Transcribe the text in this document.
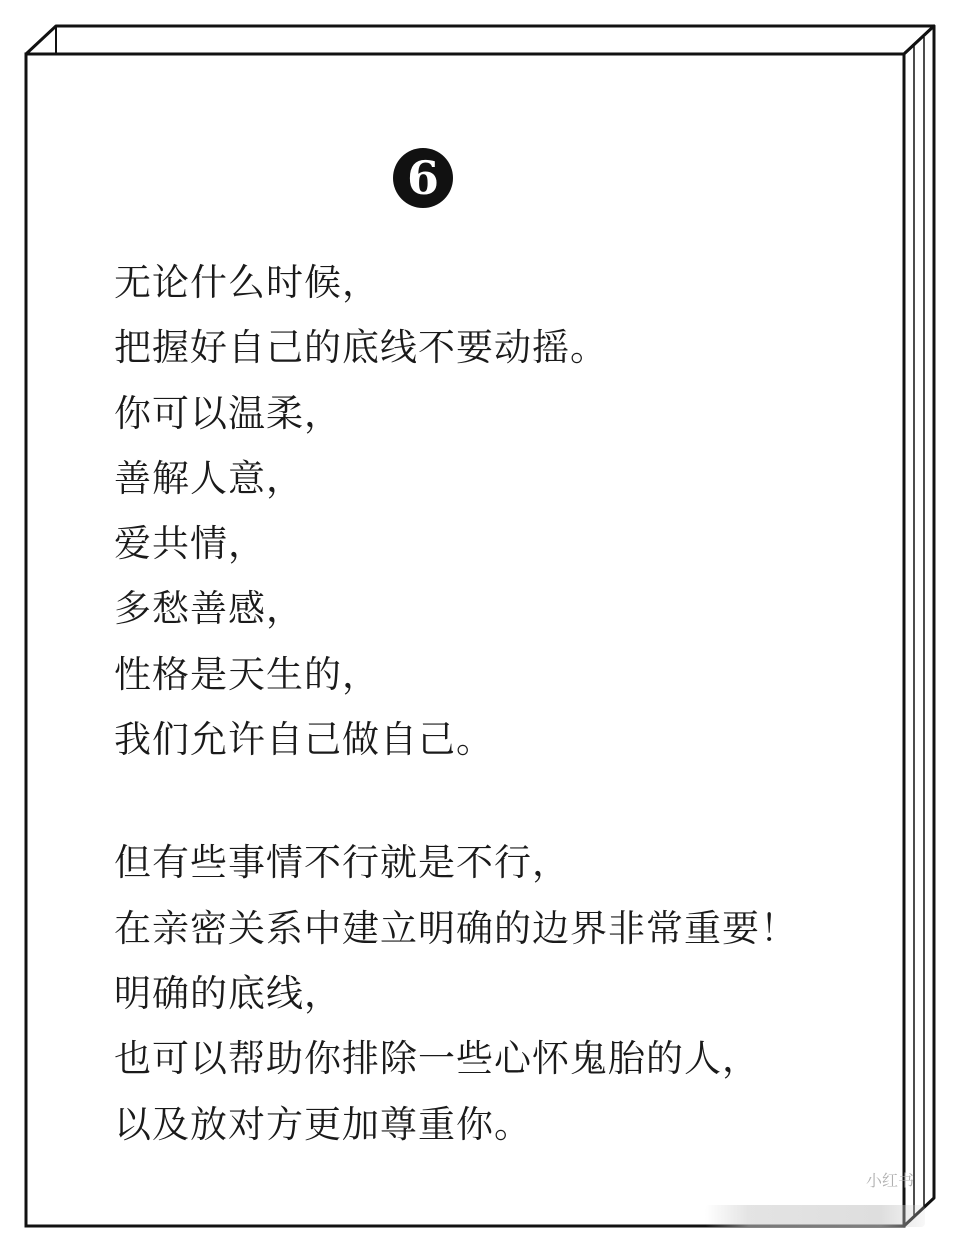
6
无论什么时候，
把握好自己的底线不要动摇。
你可以温柔，
善解人意，
爱共情，
多愁善感，
性格是天生的，
我们允许自己做自己。
但有些事情不行就是不行，
在亲密关系中建立明确的边界非常重要！
明确的底线，
也可以帮助你排除一些心怀鬼胎的人，
以及放对方更加尊重你。
小红书
